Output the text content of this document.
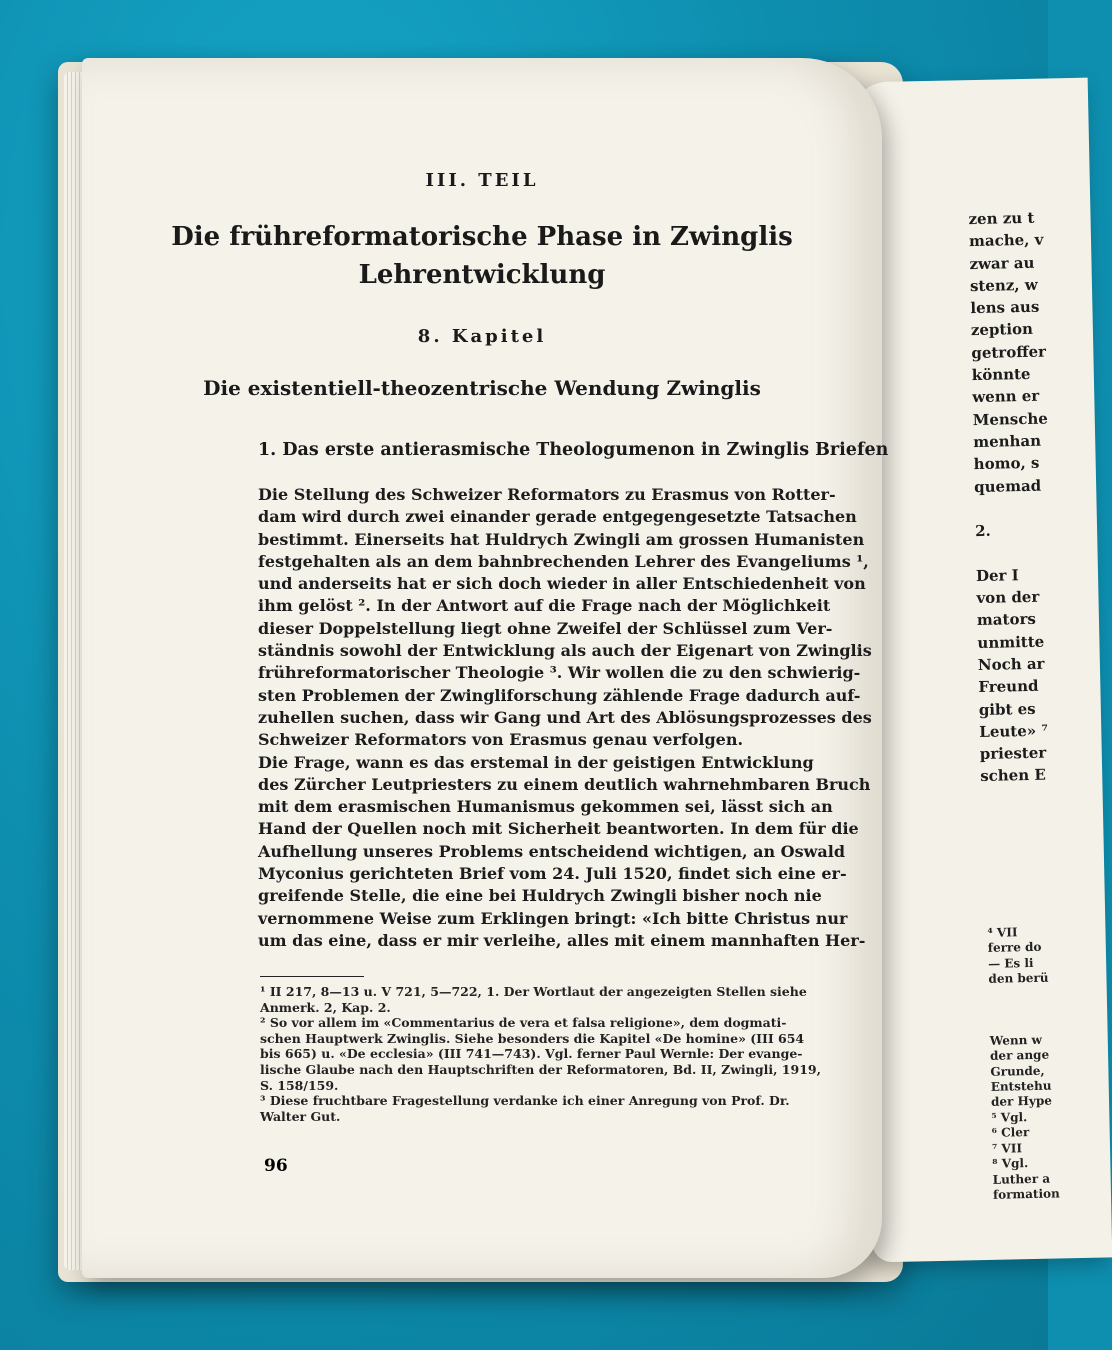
zen zu t
mache, v
zwar au
stenz, w
lens aus
zeption
getroffer
könnte
wenn er
Mensche
menhan
homo, s
quemad

2.

Der I
von der
mators
unmitte
Noch ar
Freund
gibt es
Leute» ⁷
priester
schen E
⁴ VII
ferre do
— Es li
den berü

Wenn w
der ange
Grunde,
Entstehu
der Hype
⁵ Vgl.
⁶ Cler
⁷ VII
⁸ Vgl.
Luther a
formation
III. TEIL
Die frühreformatorische Phase in Zwinglis
Lehrentwicklung
8. Kapitel
Die existentiell-theozentrische Wendung Zwinglis
1. Das erste antierasmische Theologumenon in Zwinglis Briefen
Die Stellung des Schweizer Reformators zu Erasmus von Rotter-
dam wird durch zwei einander gerade entgegengesetzte Tatsachen
bestimmt. Einerseits hat Huldrych Zwingli am grossen Humanisten
festgehalten als an dem bahnbrechenden Lehrer des Evangeliums ¹,
und anderseits hat er sich doch wieder in aller Entschiedenheit von
ihm gelöst ². In der Antwort auf die Frage nach der Möglichkeit
dieser Doppelstellung liegt ohne Zweifel der Schlüssel zum Ver-
ständnis sowohl der Entwicklung als auch der Eigenart von Zwinglis
frühreformatorischer Theologie ³. Wir wollen die zu den schwierig-
sten Problemen der Zwingliforschung zählende Frage dadurch auf-
zuhellen suchen, dass wir Gang und Art des Ablösungsprozesses des
Schweizer Reformators von Erasmus genau verfolgen.
Die Frage, wann es das erstemal in der geistigen Entwicklung
des Zürcher Leutpriesters zu einem deutlich wahrnehmbaren Bruch
mit dem erasmischen Humanismus gekommen sei, lässt sich an
Hand der Quellen noch mit Sicherheit beantworten. In dem für die
Aufhellung unseres Problems entscheidend wichtigen, an Oswald
Myconius gerichteten Brief vom 24. Juli 1520, findet sich eine er-
greifende Stelle, die eine bei Huldrych Zwingli bisher noch nie
vernommene Weise zum Erklingen bringt: «Ich bitte Christus nur
um das eine, dass er mir verleihe, alles mit einem mannhaften Her-
¹ II 217, 8—13 u. V 721, 5—722, 1. Der Wortlaut der angezeigten Stellen siehe
Anmerk. 2, Kap. 2.
² So vor allem im «Commentarius de vera et falsa religione», dem dogmati-
schen Hauptwerk Zwinglis. Siehe besonders die Kapitel «De homine» (III 654
bis 665) u. «De ecclesia» (III 741—743). Vgl. ferner Paul Wernle: Der evange-
lische Glaube nach den Hauptschriften der Reformatoren, Bd. II, Zwingli, 1919,
S. 158/159.
³ Diese fruchtbare Fragestellung verdanke ich einer Anregung von Prof. Dr.
Walter Gut.
96
